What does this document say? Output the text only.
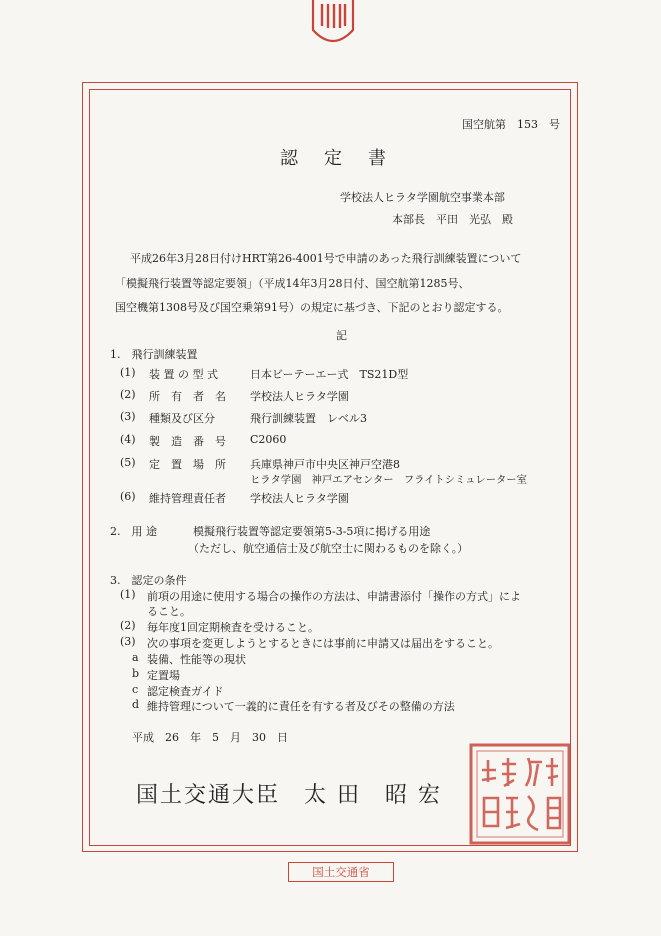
国空航第　153　号
認　定　書
学校法人ヒラタ学園航空事業本部
本部長　平田　光弘　殿
平成26年3月28日付けHRT第26-4001号で申請のあった飛行訓練装置について
「模擬飛行装置等認定要領」（平成14年3月28日付、国空航第1285号、
国空機第1308号及び国空乗第91号）の規定に基づき、下記のとおり認定する。
記
1.　飛行訓練装置
(1) 装 置 の 型 式	日本ビーテーエー式　TS21D型
(2) 所　有　者　名 学校法人ヒラタ学園
(3) 種類及び区分	飛行訓練装置　レベル3
(4) 製　造　番　号 C2060
(5) 定　置　場　所 兵庫県神戸市中央区神戸空港8
ヒラタ学園　神戸エアセンター　フライトシミュレーター室
(6) 維持管理責任者 学校法人ヒラタ学園
2.　用 途	模擬飛行装置等認定要領第5-3-5項に掲げる用途
（ただし、航空通信士及び航空士に関わるものを除く。）
3.　認定の条件
(1) 前項の用途に使用する場合の操作の方法は、申請書添付「操作の方式」によ
ること。
(2) 毎年度1回定期検査を受けること。
(3) 次の事項を変更しようとするときには事前に申請又は届出をすること。
a 装備、性能等の現状
b 定置場
c 認定検査ガイド
d 維持管理について一義的に責任を有する者及びその整備の方法
平成　26　年　5　月　30　日
国土交通大臣　太 田　昭 宏
国土交通省
